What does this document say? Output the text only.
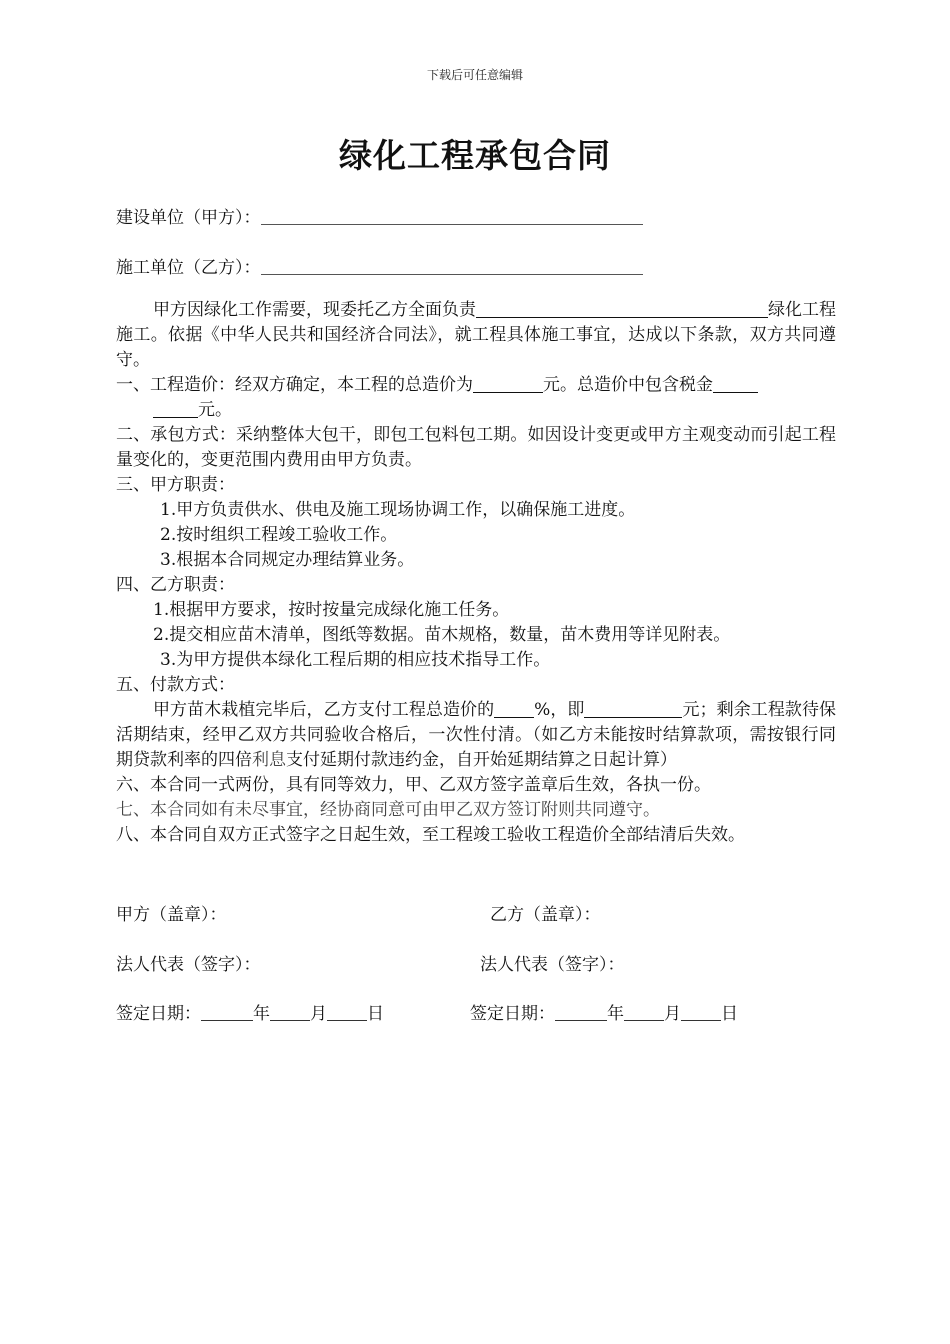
下载后可任意编辑
绿化工程承包合同
建设单位（甲方）：
施工单位（乙方）：

甲方因绿化工作需要，现委托乙方全面负责	绿化工程施工。依据《中华人民共和国经济合同法》，就工程具体施工事宜，达成以下条款，双方共同遵守。

一、工程造价：经双方确定，本工程的总造价为	元。总造价中包含税金
元。

二、承包方式：采纳整体大包干，即包工包料包工期。如因设计变更或甲方主观变动而引起工程量变化的，变更范围内费用由甲方负责。

三、甲方职责：

1.甲方负责供水、供电及施工现场协调工作，以确保施工进度。

2.按时组织工程竣工验收工作。

3.根据本合同规定办理结算业务。

四、乙方职责：

1.根据甲方要求，按时按量完成绿化施工任务。

2.提交相应苗木清单，图纸等数据。苗木规格，数量，苗木费用等详见附表。

3.为甲方提供本绿化工程后期的相应技术指导工作。

五、付款方式：

甲方苗木栽植完毕后，乙方支付工程总造价的 %，即	元；剩余工程款待保活期结束，经甲乙双方共同验收合格后，一次性付清。（如乙方未能按时结算款项，需按银行同期贷款利率的四倍利息支付延期付款违约金，自开始延期结算之日起计算）

六、本合同一式两份，具有同等效力，甲、乙双方签字盖章后生效，各执一份。

七、本合同如有未尽事宜，经协商同意可由甲乙双方签订附则共同遵守。

八、本合同自双方正式签字之日起生效，至工程竣工验收工程造价全部结清后失效。

甲方（盖章）：	乙方（盖章）：
法人代表（签字）：	法人代表（签字）：
签定日期：	年 月 日	签定日期：	年 月 日
